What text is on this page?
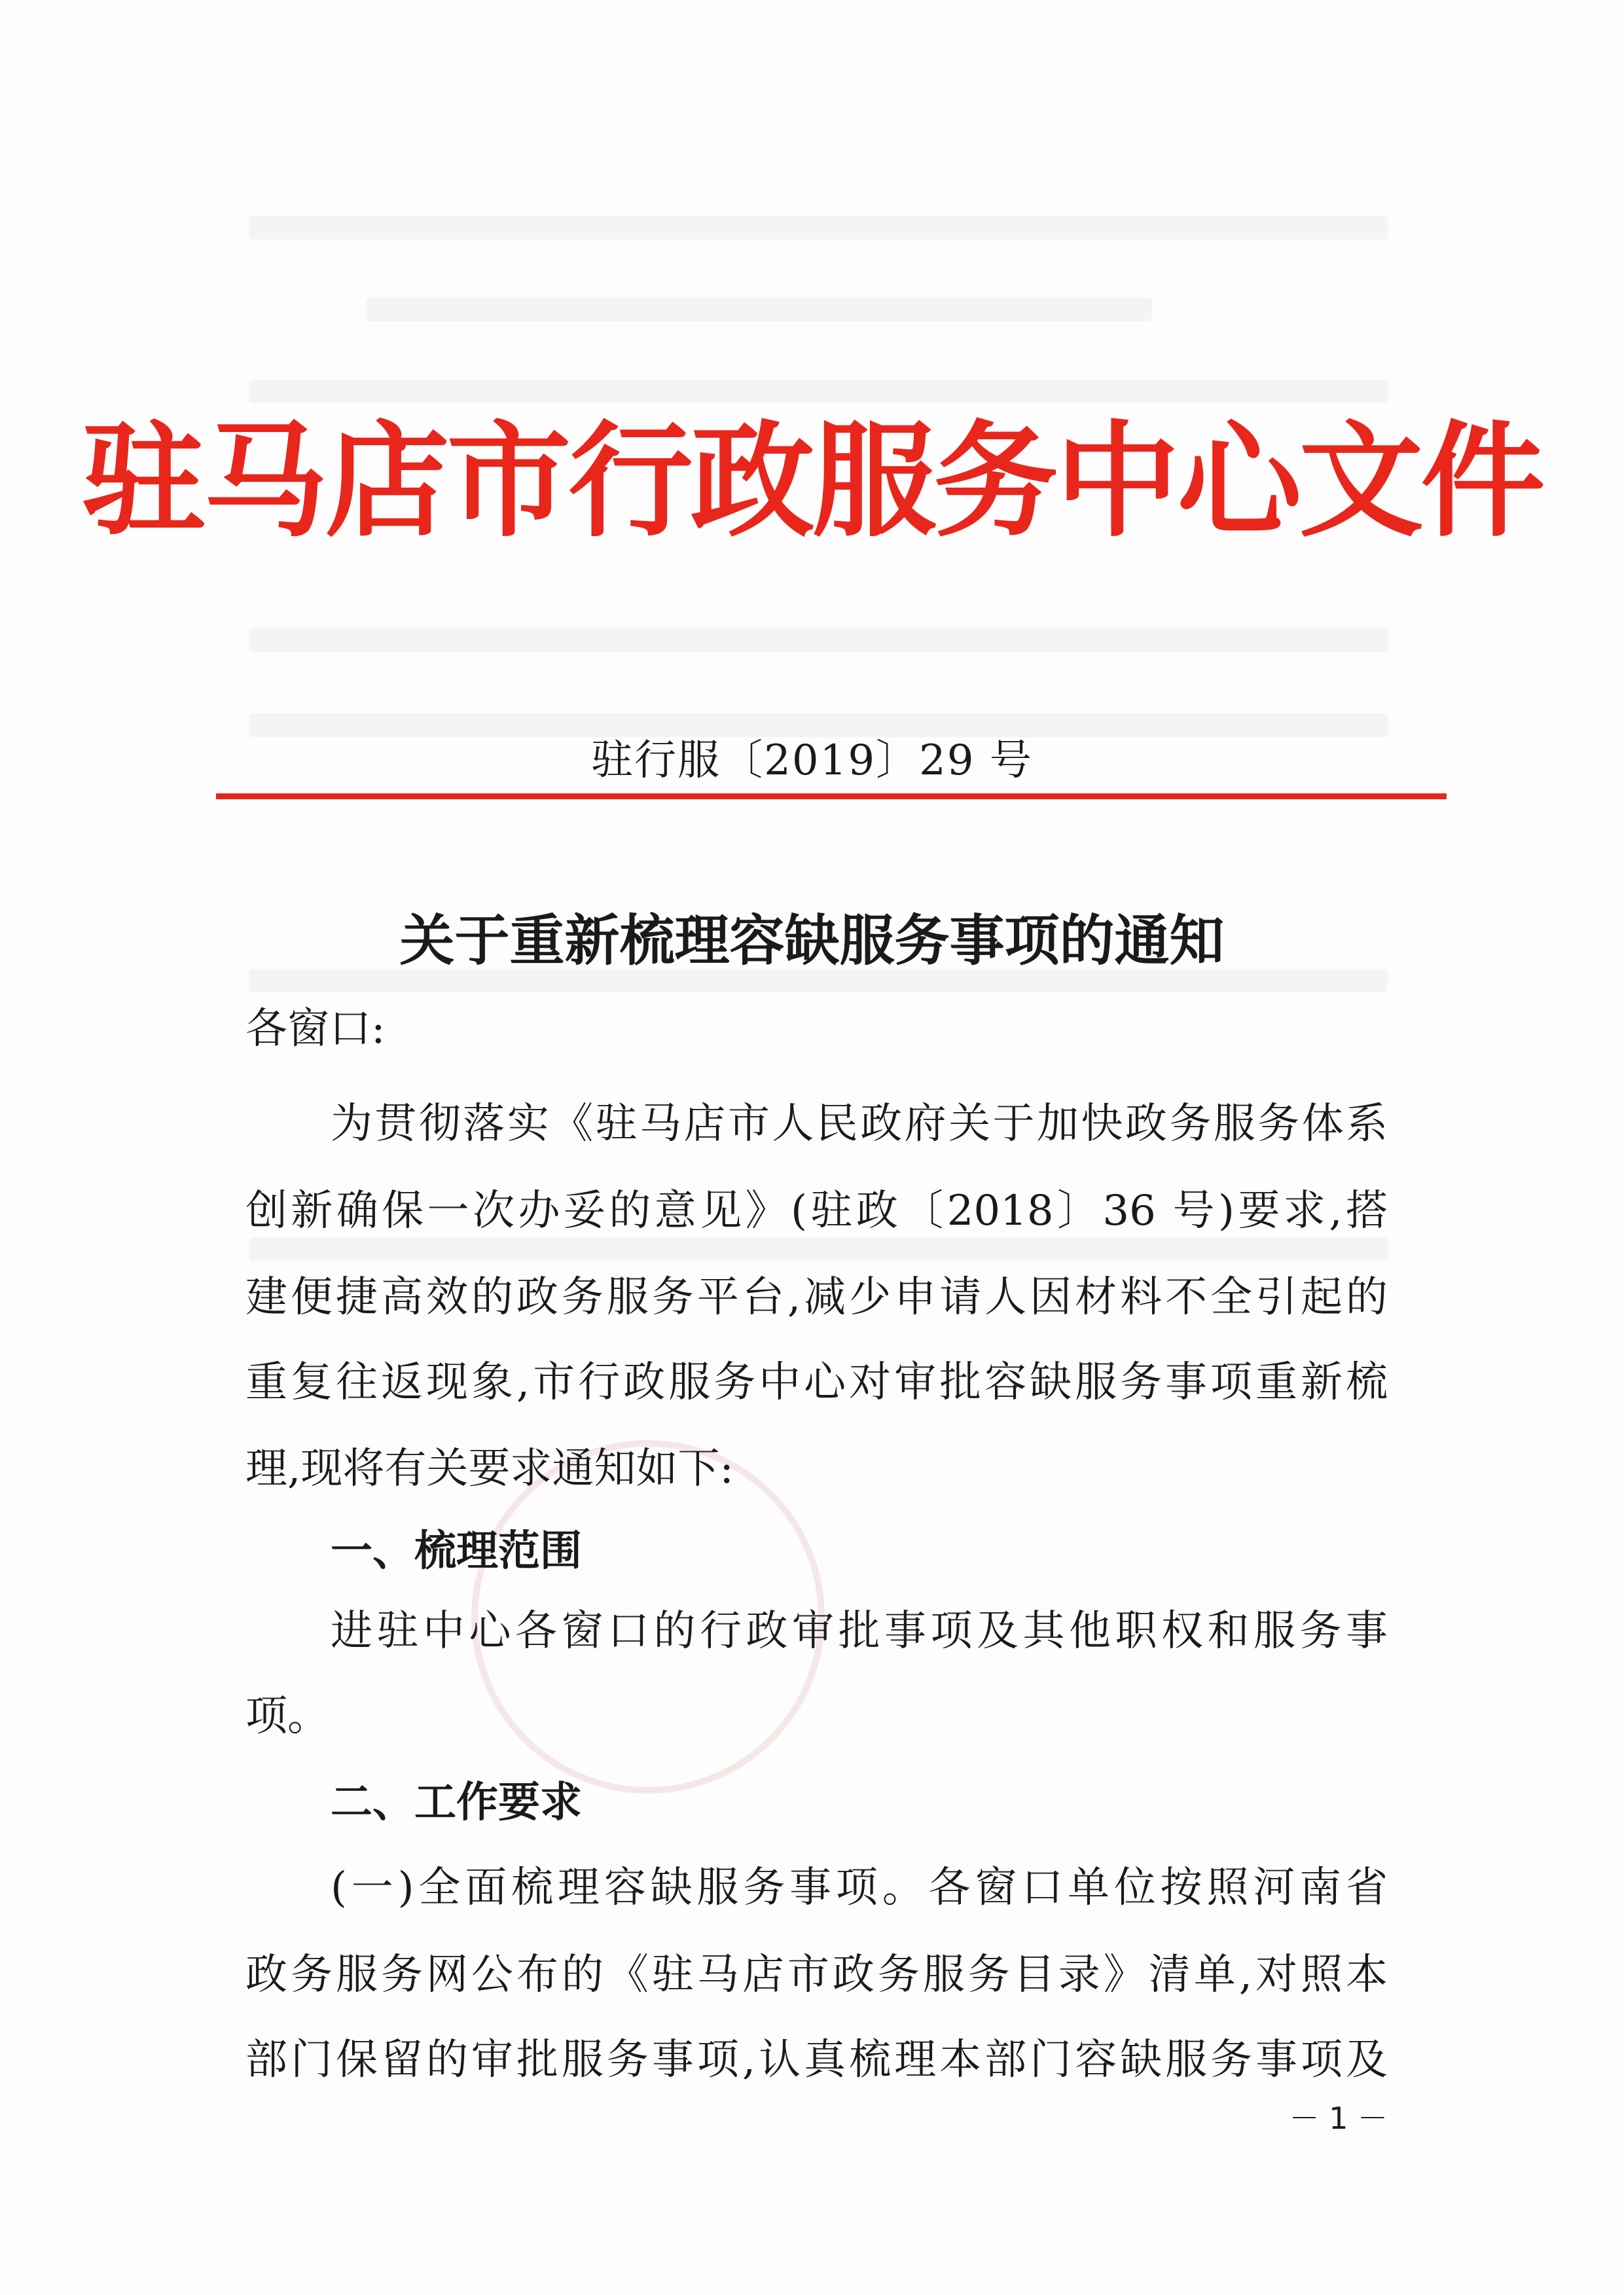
驻马店市行政服务中心文件
驻行服〔2019〕29 号
关于重新梳理容缺服务事项的通知
各窗口:
为贯彻落实《驻马店市人民政府关于加快政务服务体系
创新确保一次办妥的意见》(驻政〔2018〕36 号)要求,搭
建便捷高效的政务服务平台,减少申请人因材料不全引起的
重复往返现象,市行政服务中心对审批容缺服务事项重新梳
理,现将有关要求通知如下:
一、梳理范围
进驻中心各窗口的行政审批事项及其他职权和服务事
项。
二、工作要求
(一)全面梳理容缺服务事项。各窗口单位按照河南省
政务服务网公布的《驻马店市政务服务目录》清单,对照本
部门保留的审批服务事项,认真梳理本部门容缺服务事项及
－ 1 －
